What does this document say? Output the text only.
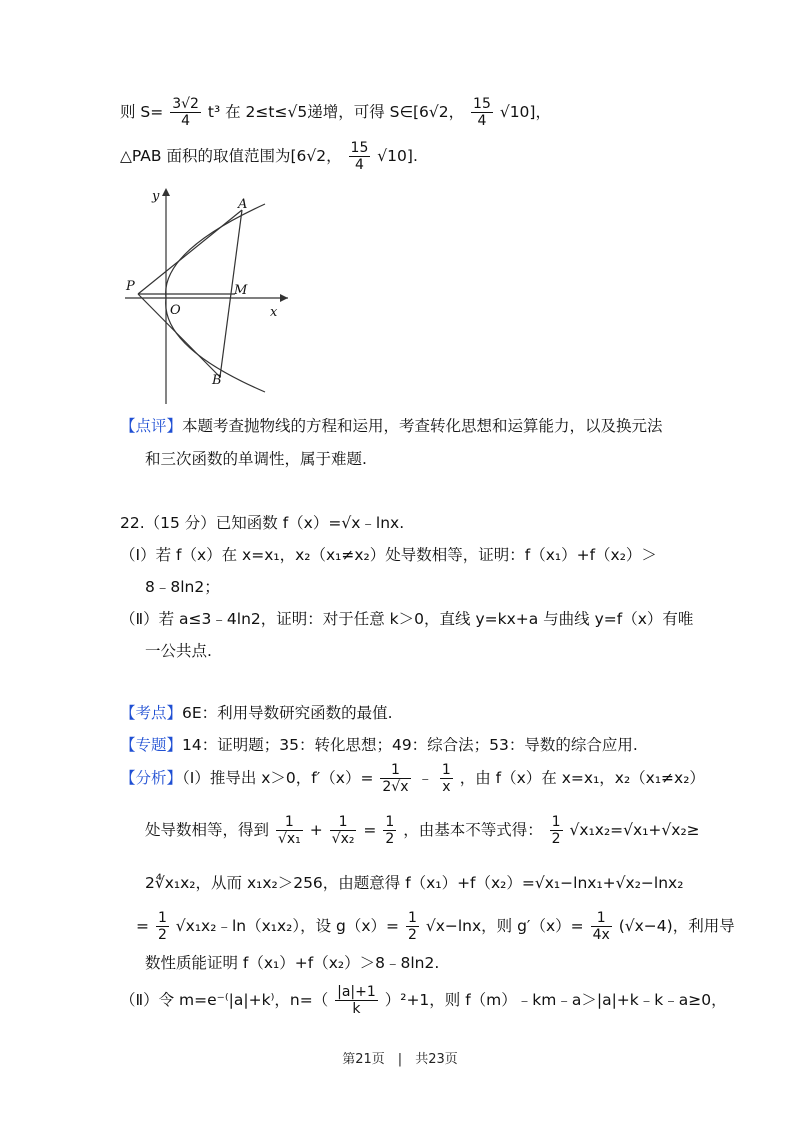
则 $S= \frac{3√2}{4} t^3$ 在 2≤t≤√5递增，可得 S∈[6√2， $\frac{15}{4} √10$]，
△PAB 面积的取值范围为[6√2， $\frac{15}{4} √10$].
y
x
A
B
P	M
O
【点评】本题考查抛物线的方程和运用，考查转化思想和运算能力，以及换元法
和三次函数的单调性，属于难题.
22.（15 分）已知函数 f（x）=√x﹣lnx.
（Ⅰ）若 f（x）在 x=x₁，x₂（x₁≠x₂）处导数相等，证明：f（x₁）+f（x₂）＞
8﹣8ln2；
（Ⅱ）若 a≤3﹣4ln2，证明：对于任意 k＞0，直线 y=kx+a 与曲线 y=f（x）有唯
一公共点.
【考点】6E：利用导数研究函数的最值.
【专题】14：证明题；35：转化思想；49：综合法；53：导数的综合应用.
【分析】（Ⅰ）推导出 x＞0，$f'(x)= \frac{1}{2√x}$ ﹣ $\frac{1}{x}$ ，由 f（x）在 x=x₁，x₂（x₁≠x₂）
处导数相等，得到 $\frac{1}{\text{√x₁}} + \frac{1}{\text{√x₂}} = \frac{1}{2}$ ，由基本不等式得： $\frac{1}{2} √x_1x_2=√x_1+√x_2\ge$
2∜x₁x₂，从而 x₁x₂＞256，由题意得 f（x₁）+f（x₂）=√x₁−lnx₁+√x₂−lnx₂
= $\frac{1}{2}$ √x₁x₂﹣ln（x₁x₂），设 $g(x)= \frac{1}{2} √x-\ln x$，则 $g'(x)= \frac{1}{4x} (√x-4)$，利用导
数性质能证明 f（x₁）+f（x₂）＞8﹣8ln2.
（Ⅱ）令 m=e⁻⁽|a|+k⁾，$n=( \frac{|a|+1}{k} )^2+1$，则 f（m）﹣km﹣a＞|a|+k﹣k﹣a≥0，
第21页　|　共23页
